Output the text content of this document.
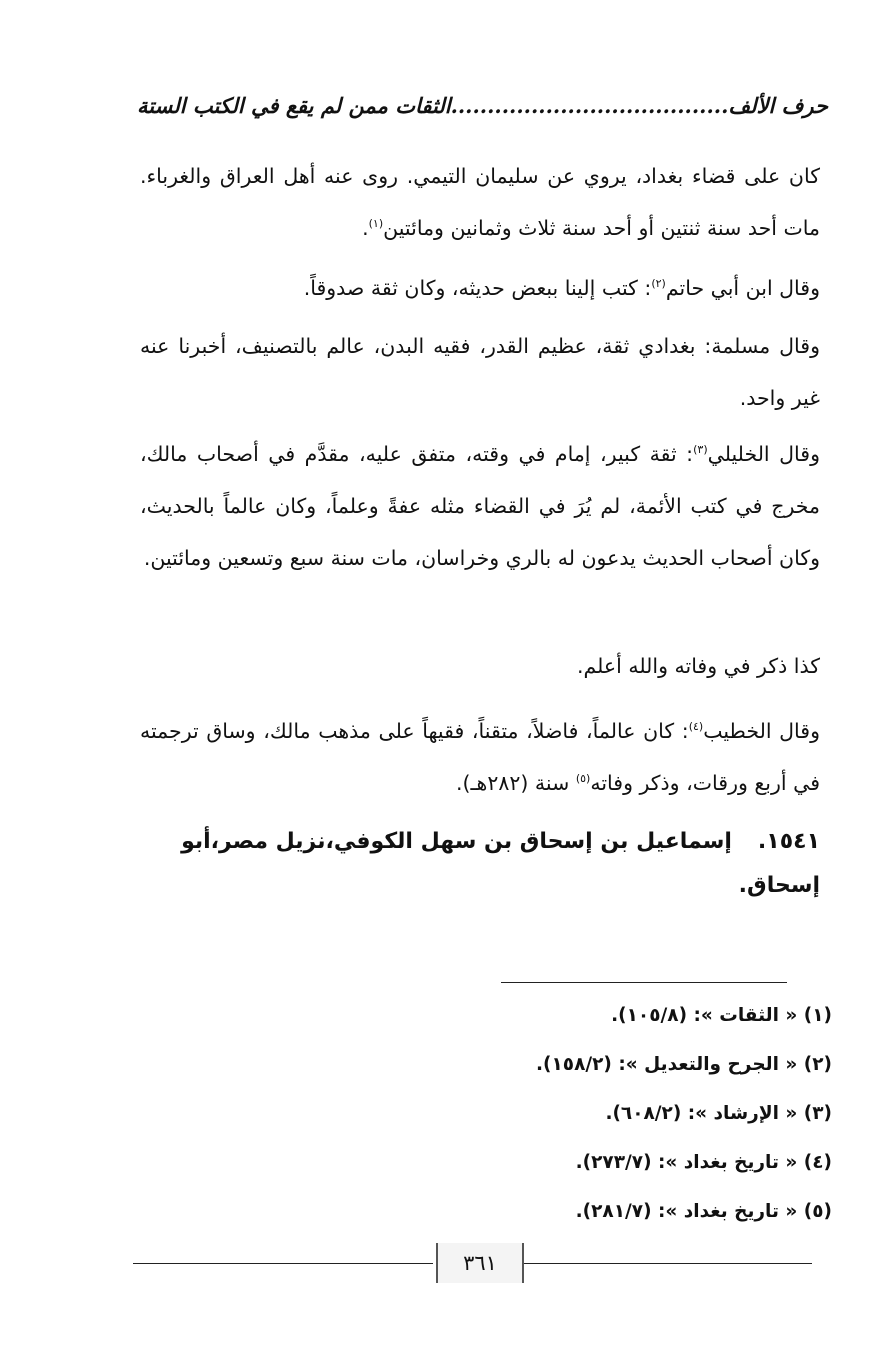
حرف الألف......................................الثقات ممن لم يقع في الكتب الستة
كان على قضاء بغداد، يروي عن سليمان التيمي. روى عنه أهل العراق والغرباء. مات أحد سنة ثنتين أو أحد سنة ثلاث وثمانين ومائتين$^{(١)}$.
وقال ابن أبي حاتم$^{(٢)}$: كتب إلينا ببعض حديثه، وكان ثقة صدوقاً.
وقال مسلمة: بغدادي ثقة، عظيم القدر، فقيه البدن، عالم بالتصنيف، أخبرنا عنه غير واحد.
وقال الخليلي$^{(٣)}$: ثقة كبير، إمام في وقته، متفق عليه، مقدَّم في أصحاب مالك، مخرج في كتب الأئمة، لم يُرَ في القضاء مثله عفةً وعلماً، وكان عالماً بالحديث، وكان أصحاب الحديث يدعون له بالري وخراسان، مات سنة سبع وتسعين ومائتين.
كذا ذكر في وفاته والله أعلم.
وقال الخطيب$^{(٤)}$: كان عالماً، فاضلاً، متقناً، فقيهاً على مذهب مالك، وساق ترجمته في أربع ورقات، وذكر وفاته$^{(٥)}$ سنة (٢٨٢هـ).
١٥٤١.إسماعيل بن إسحاق بن سهل الكوفي،نزيل مصر،أبو إسحاق.
(١) « الثقات »: (١٠٥/٨).
(٢) « الجرح والتعديل »: (١٥٨/٢).
(٣) « الإرشاد »: (٦٠٨/٢).
(٤) « تاريخ بغداد »: (٢٧٣/٧).
(٥) « تاريخ بغداد »: (٢٨١/٧).
٣٦١
